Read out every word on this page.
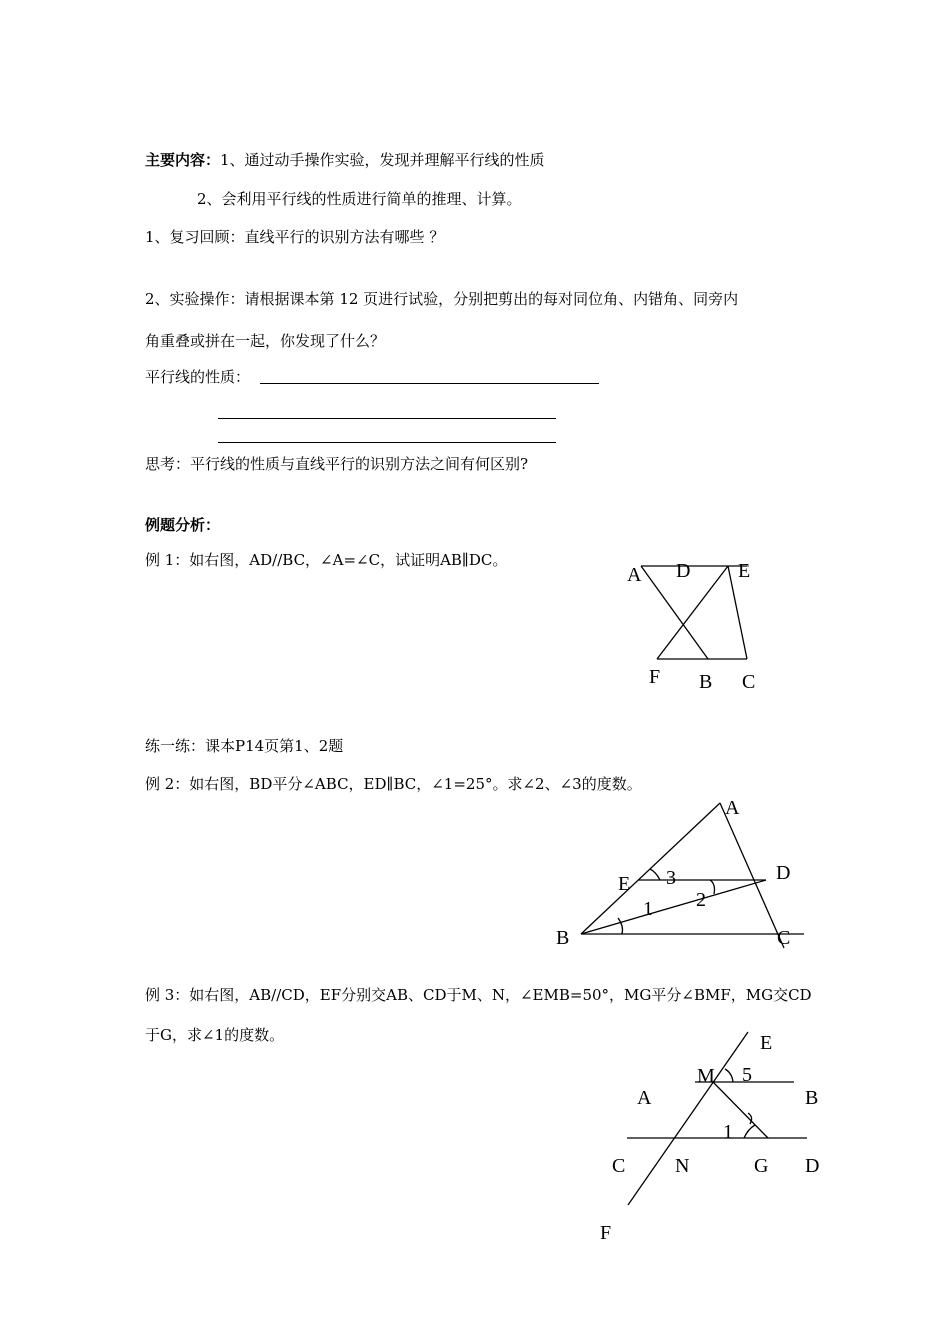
主要内容：1、通过动手操作实验，发现并理解平行线的性质
2、会利用平行线的性质进行简单的推理、计算。
1、复习回顾：直线平行的识别方法有哪些 ？
2、实验操作：请根据课本第 12 页进行试验，分别把剪出的每对同位角、内错角、同旁内
角重叠或拼在一起，你发现了什么？
平行线的性质：
思考：平行线的性质与直线平行的识别方法之间有何区别?
例题分析：
例 1：如右图，AD//BC，∠A=∠C，试证明AB∥DC。
A D E
F B C
练一练：课本P14页第1、2题
例 2：如右图，BD平分∠ABC，ED∥BC，∠1=25°。求∠2、∠3的度数。
A
D
E 3
2
1
B	C
例 3：如右图，AB//CD，EF分别交AB、CD于M、N，∠EMB=50°，MG平分∠BMF，MG交CD
于G，求∠1的度数。	E
M 5
A	B
1
C N	G D
F
